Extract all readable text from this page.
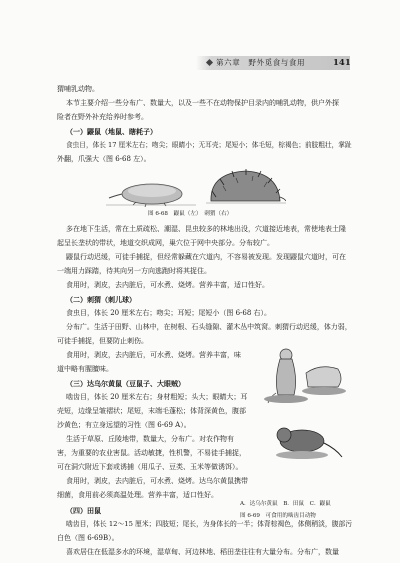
第六章　野外觅食与食用	141
猬哺乳动物。
本节主要介绍一些分布广、数量大，以及一些不在动物保护目录内的哺乳动物，供户外探
险者在野外补充给养时参考。
（一）鼹鼠（地鼠、瞎耗子）
食虫目，体长 17 厘米左右；吻尖；眼睛小；无耳壳；尾短小；体毛短，棕褐色；前肢粗壮，掌趾
外翻，爪强大（图 6-68 左）。
图 6-68　鼹鼠（左）　刺猬（右）
多在地下生活，常在土质疏松、潮湿、昆虫较多的林地出没，穴道接近地表，常使地表土隆
起呈长垄状的带状，地道交织成网，巢穴位于网中央部分。分布较广。
鼹鼠行动迟缓，可徒手捕捉，但经常躲藏在穴道内，不容易被发现。发现鼹鼠穴道时，可在
一端用力踩踏，待其向另一方向逃跑时将其捉住。
食用时，剥皮，去内脏后，可水煮、烧烤。营养丰富，适口性好。
（二）刺猬（刺儿球）
食虫目，体长 20 厘米左右；吻尖；耳短；尾短小（图 6-68 右）。
分布广。生活于田野、山林中，在树根、石头缝隙、灌木丛中筑窝。刺猬行动迟缓，体力弱，
可徒手捕捉，但要防止刺伤。
食用时，剥皮，去内脏后，可水煮、烧烤。营养丰富，味
道中略有腥膻味。
（三）达乌尔黄鼠（豆鼠子、大眼贼）
啮齿目，体长 20 厘米左右；身材粗短；头大；眼睛大；耳
壳短，边缘呈皱褶状；尾短，末端毛蓬松；体背深黄色，腹部
沙黄色；有立身远望的习性（图 6-69 A）。
生活于草原、丘陵地带，数量大，分布广。对农作物有
害，为重要的农业害鼠。活动敏捷，性机警，不易徒手捕捉，
可在洞穴附近下套或诱捕（用瓜子、豆类、玉米等做诱饵）。
食用时，剥皮，去内脏后，可水煮、烧烤。达乌尔黄鼠携带
细菌，食用前必须高温处理。营养丰富，适口性好。
A．达乌尔黄鼠　B．田鼠　C．鼹鼠
图 6-69　可食用的啮齿目动物
（四）田鼠
啮齿目，体长 12～15 厘米；四肢短；尾长，为身体长的一半；体背棕褐色，体侧稍淡，腹部污
白色（图 6-69B）。
喜欢居住在低湿多水的环境，湿草甸、河边林地、稻田垄往往有大量分布。分布广，数量
